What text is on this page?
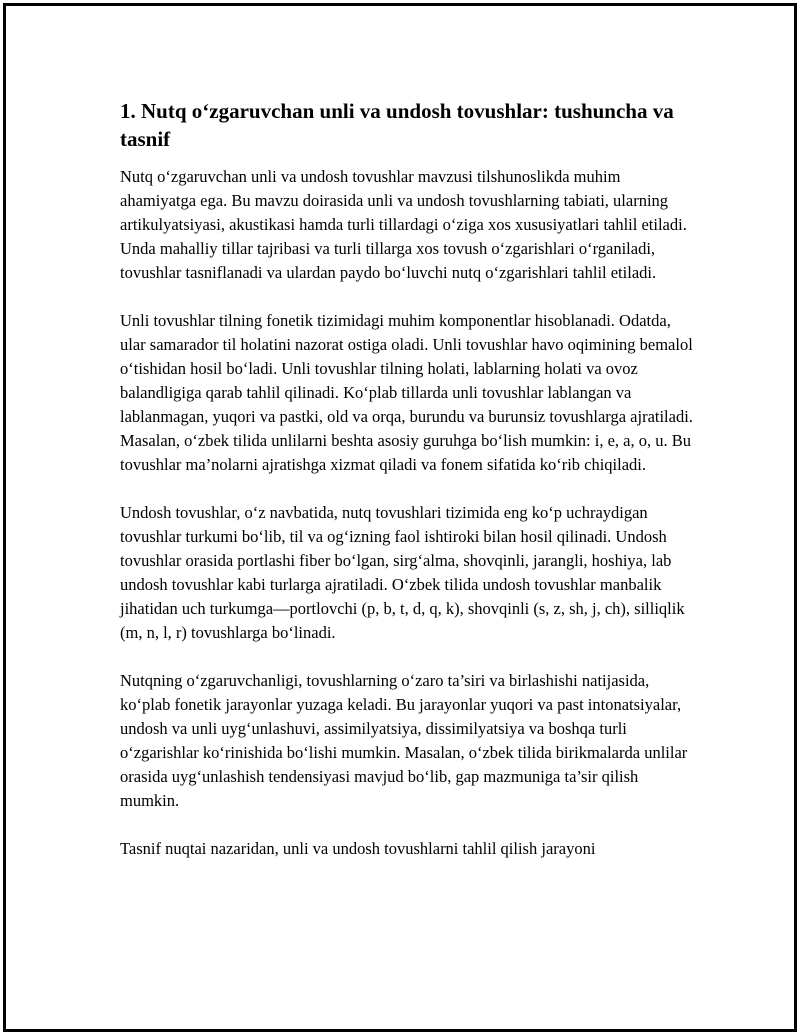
1. Nutq o‘zgaruvchan unli va undosh tovushlar: tushuncha va tasnif

Nutq o‘zgaruvchan unli va undosh tovushlar mavzusi tilshunoslikda muhim ahamiyatga ega. Bu mavzu doirasida unli va undosh tovushlarning tabiati, ularning artikulyatsiyasi, akustikasi hamda turli tillardagi o‘ziga xos xususiyatlari tahlil etiladi. Unda mahalliy tillar tajribasi va turli tillarga xos tovush o‘zgarishlari o‘rganiladi, tovushlar tasniflanadi va ulardan paydo bo‘luvchi nutq o‘zgarishlari tahlil etiladi.

Unli tovushlar tilning fonetik tizimidagi muhim komponentlar hisoblanadi. Odatda, ular samarador til holatini nazorat ostiga oladi. Unli tovushlar havo oqimining bemalol o‘tishidan hosil bo‘ladi. Unli tovushlar tilning holati, lablarning holati va ovoz balandligiga qarab tahlil qilinadi. Ko‘plab tillarda unli tovushlar lablangan va lablanmagan, yuqori va pastki, old va orqa, burundu va burunsiz tovushlarga ajratiladi. Masalan, o‘zbek tilida unlilarni beshta asosiy guruhga bo‘lish mumkin: i, e, a, o, u. Bu tovushlar ma’nolarni ajratishga xizmat qiladi va fonem sifatida ko‘rib chiqiladi.

Undosh tovushlar, o‘z navbatida, nutq tovushlari tizimida eng ko‘p uchraydigan tovushlar turkumi bo‘lib, til va og‘izning faol ishtiroki bilan hosil qilinadi. Undosh tovushlar orasida portlashi fiber bo‘lgan, sirg‘alma, shovqinli, jarangli, hoshiya, lab undosh tovushlar kabi turlarga ajratiladi. O‘zbek tilida undosh tovushlar manbalik jihatidan uch turkumga—portlovchi (p, b, t, d, q, k), shovqinli (s, z, sh, j, ch), silliqlik (m, n, l, r) tovushlarga bo‘linadi.

Nutqning o‘zgaruvchanligi, tovushlarning o‘zaro ta’siri va birlashishi natijasida, ko‘plab fonetik jarayonlar yuzaga keladi. Bu jarayonlar yuqori va past intonatsiyalar, undosh va unli uyg‘unlashuvi, assimilyatsiya, dissimilyatsiya va boshqa turli o‘zgarishlar ko‘rinishida bo‘lishi mumkin. Masalan, o‘zbek tilida birikmalarda unlilar orasida uyg‘unlashish tendensiyasi mavjud bo‘lib, gap mazmuniga ta’sir qilish mumkin.

Tasnif nuqtai nazaridan, unli va undosh tovushlarni tahlil qilish jarayoni
